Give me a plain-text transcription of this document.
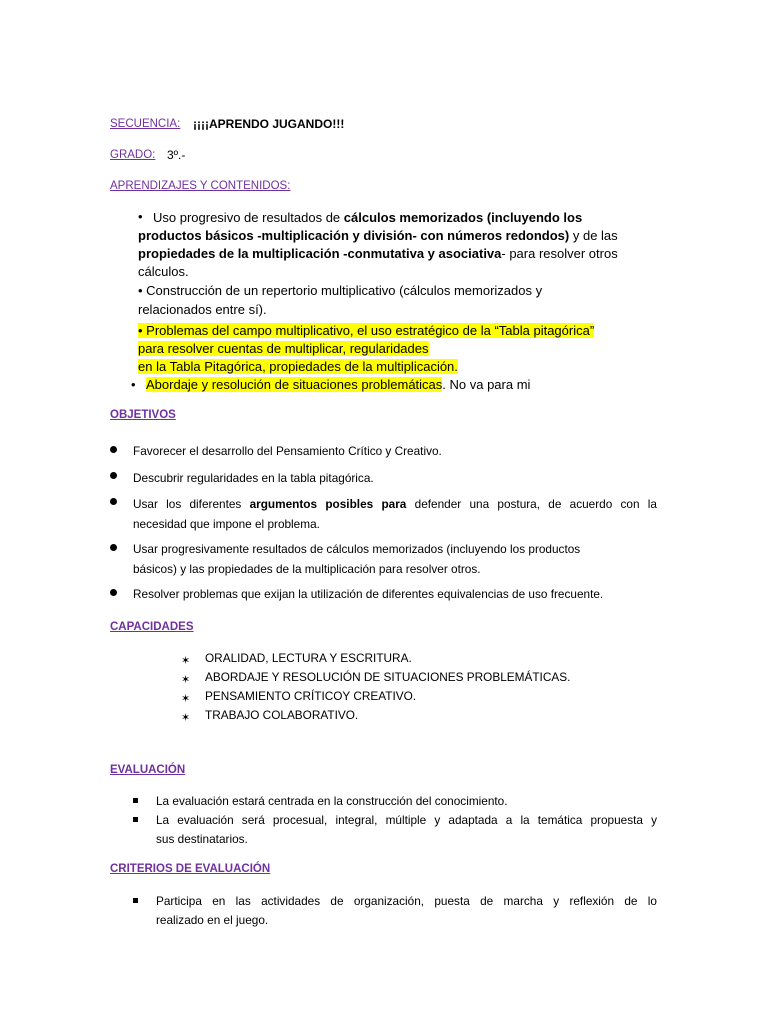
SECUENCIA: ¡¡¡¡APRENDO JUGANDO!!!
GRADO: 3º.-
APRENDIZAJES Y CONTENIDOS:
• Uso progresivo de resultados de cálculos memorizados (incluyendo los
productos básicos -multiplicación y división- con números redondos) y de las
propiedades de la multiplicación -conmutativa y asociativa- para resolver otros
cálculos.
• Construcción de un repertorio multiplicativo (cálculos memorizados y
relacionados entre sí).
• Problemas del campo multiplicativo, el uso estratégico de la “Tabla pitagórica”
para resolver cuentas de multiplicar, regularidades
en la Tabla Pitagórica, propiedades de la multiplicación.
• Abordaje y resolución de situaciones problemáticas. No va para mi
OBJETIVOS
Favorecer el desarrollo del Pensamiento Crítico y Creativo.
Descubrir regularidades en la tabla pitagórica.
Usar los diferentes argumentos posibles para defender una postura, de acuerdo con la
necesidad que impone el problema.
Usar progresivamente resultados de cálculos memorizados (incluyendo los productos
básicos) y las propiedades de la multiplicación para resolver otros.
Resolver problemas que exijan la utilización de diferentes equivalencias de uso frecuente.
CAPACIDADES
✶ ORALIDAD, LECTURA Y ESCRITURA.
✶ ABORDAJE Y RESOLUCIÓN DE SITUACIONES PROBLEMÁTICAS.
✶ PENSAMIENTO CRÍTICOY CREATIVO.
✶ TRABAJO COLABORATIVO.
EVALUACIÓN
La evaluación estará centrada en la construcción del conocimiento.
La evaluación será procesual, integral, múltiple y adaptada a la temática propuesta y
sus destinatarios.
CRITERIOS DE EVALUACIÓN
Participa en las actividades de organización, puesta de marcha y reflexión de lo
realizado en el juego.
